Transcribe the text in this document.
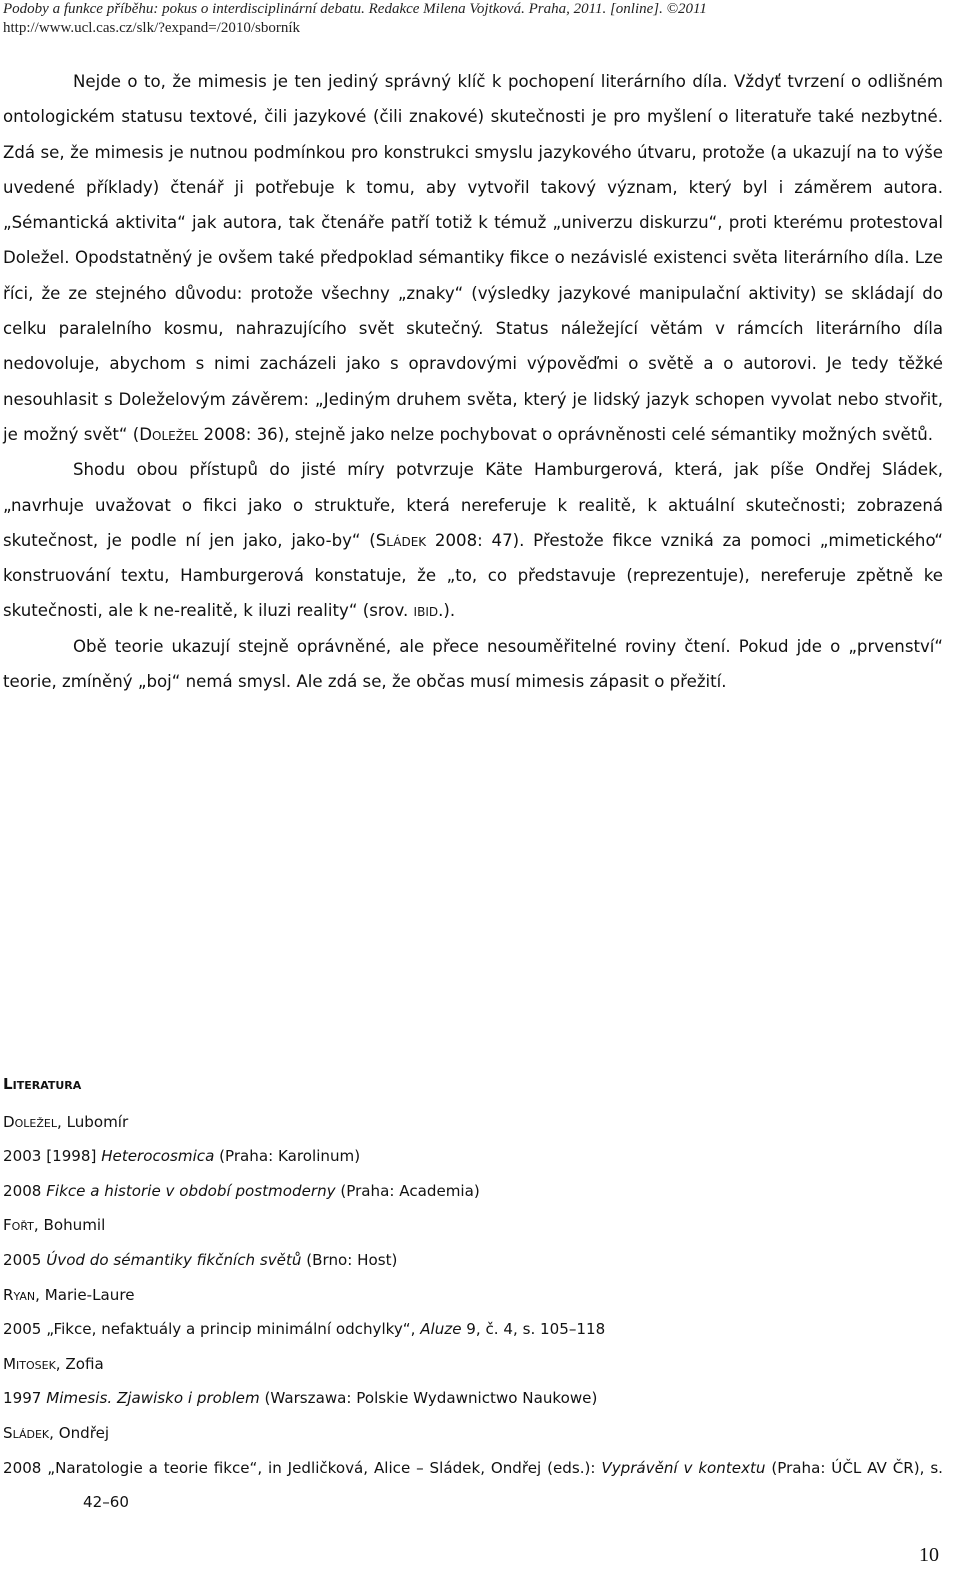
Podoby a funkce příběhu: pokus o interdisciplinární debatu. Redakce Milena Vojtková. Praha, 2011. [online]. ©2011
http://www.ucl.cas.cz/slk/?expand=/2010/sborník

Nejde o to, že mimesis je ten jediný správný klíč k pochopení literárního díla. Vždyť tvrzení o odlišném ontologickém statusu textové, čili jazykové (čili znakové) skutečnosti je pro myšlení o literatuře také nezbytné. Zdá se, že mimesis je nutnou podmínkou pro konstrukci smyslu jazykového útvaru, protože (a ukazují na to výše uvedené příklady) čtenář ji potřebuje k tomu, aby vytvořil takový význam, který byl i záměrem autora. „Sémantická aktivita“ jak autora, tak čtenáře patří totiž k témuž „univerzu diskurzu“, proti kterému protestoval Doležel. Opodstatněný je ovšem také předpoklad sémantiky fikce o nezávislé existenci světa literárního díla. Lze říci, že ze stejného důvodu: protože všechny „znaky“ (výsledky jazykové manipulační aktivity) se skládají do celku paralelního kosmu, nahrazujícího svět skutečný. Status náležející větám v rámcích literárního díla nedovoluje, abychom s nimi zacházeli jako s opravdovými výpověďmi o světě a o autorovi. Je tedy těžké nesouhlasit s Doleželovým závěrem: „Jediným druhem světa, který je lidský jazyk schopen vyvolat nebo stvořit, je možný svět“ (Doležel 2008: 36), stejně jako nelze pochybovat o oprávněnosti celé sémantiky možných světů.

Shodu obou přístupů do jisté míry potvrzuje Käte Hamburgerová, která, jak píše Ondřej Sládek, „navrhuje uvažovat o fikci jako o struktuře, která nereferuje k realitě, k aktuální skutečnosti; zobrazená skutečnost, je podle ní jen jako, jako-by“ (Sládek 2008: 47). Přestože fikce vzniká za pomoci „mimetického“ konstruování textu, Hamburgerová konstatuje, že „to, co představuje (reprezentuje), nereferuje zpětně ke skutečnosti, ale k ne-realitě, k iluzi reality“ (srov. ibid.).

Obě teorie ukazují stejně oprávněné, ale přece nesouměřitelné roviny čtení. Pokud jde o „prvenství“ teorie, zmíněný „boj“ nemá smysl. Ale zdá se, že občas musí mimesis zápasit o přežití.

Literatura
Doležel, Lubomír
2003 [1998] Heterocosmica (Praha: Karolinum)
2008 Fikce a historie v období postmoderny (Praha: Academia)
Fořt, Bohumil
2005 Úvod do sémantiky fikčních světů (Brno: Host)
Ryan, Marie-Laure
2005 „Fikce, nefaktuály a princip minimální odchylky“, Aluze 9, č. 4, s. 105–118
Mitosek, Zofia
1997 Mimesis. Zjawisko i problem (Warszawa: Polskie Wydawnictwo Naukowe)
Sládek, Ondřej
2008 „Naratologie a teorie fikce“, in Jedličková, Alice – Sládek, Ondřej (eds.): Vyprávění v kontextu (Praha: ÚČL AV ČR), s. 42–60
10
